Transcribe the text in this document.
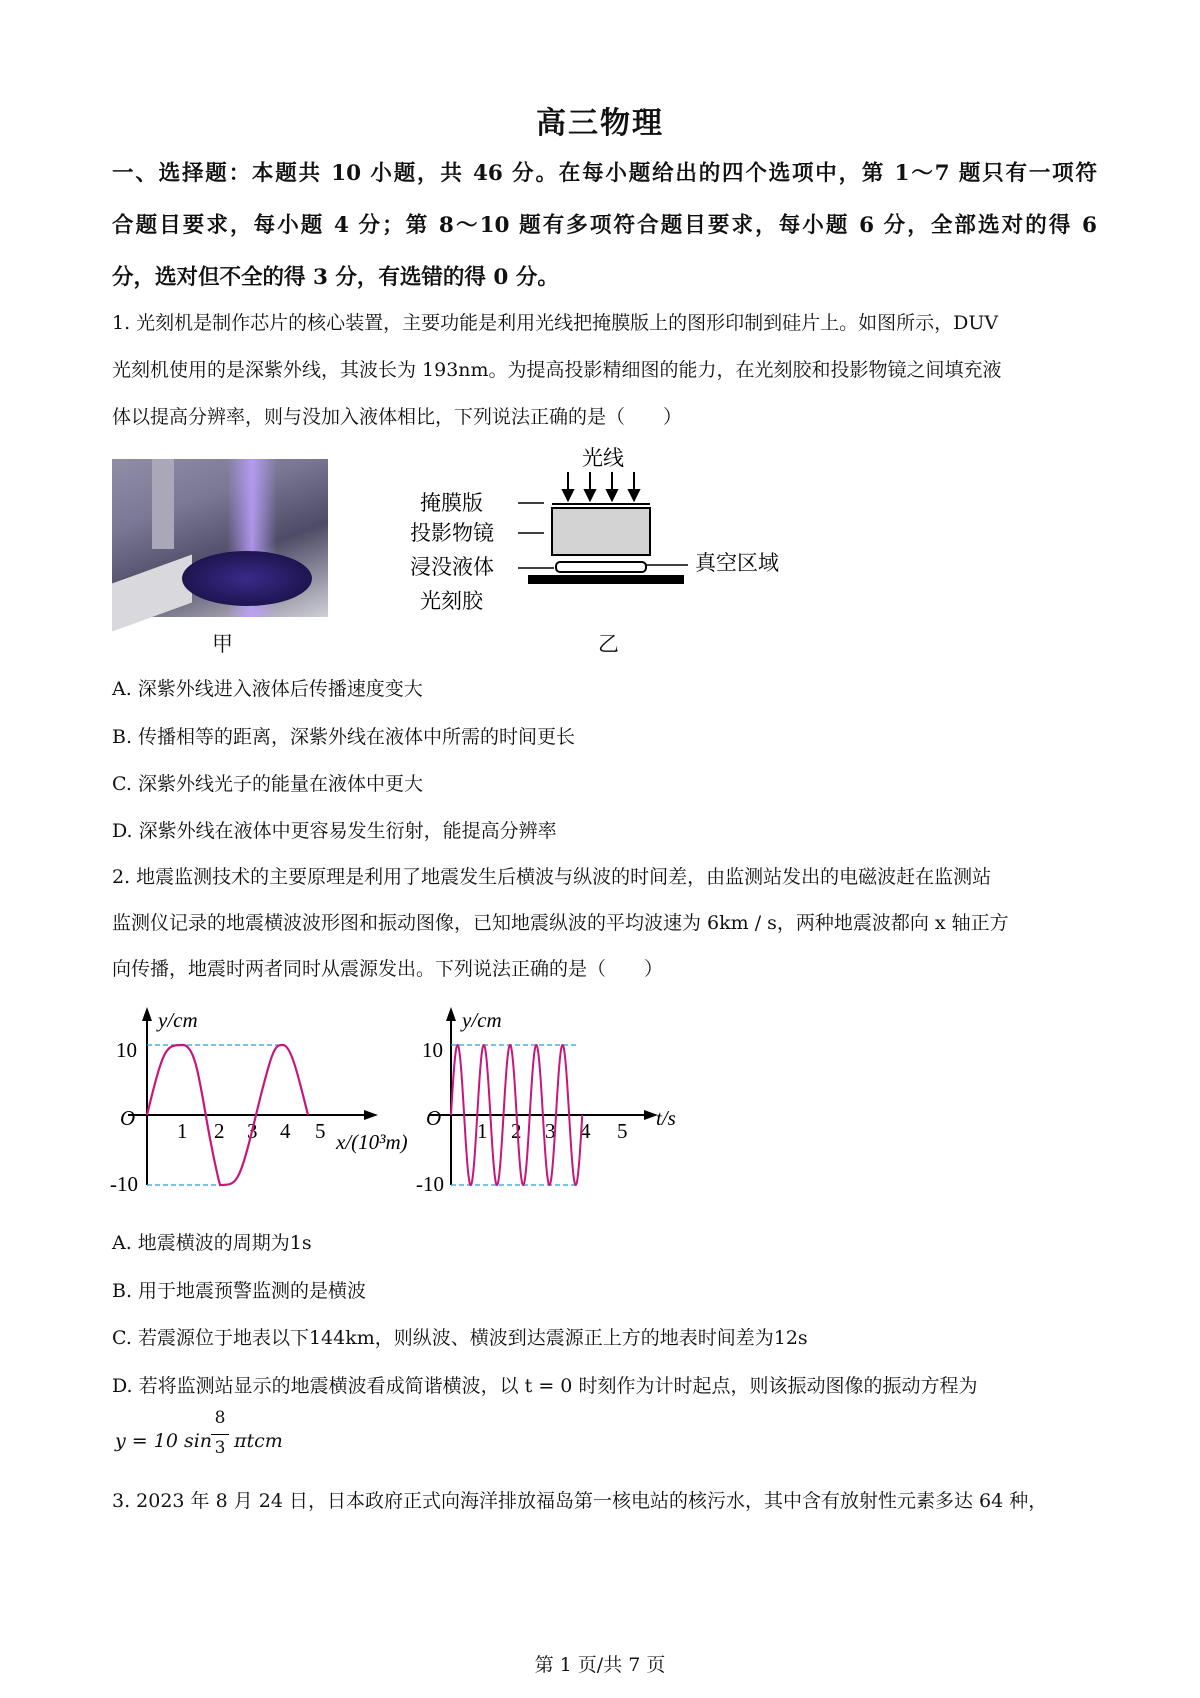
高三物理
一、选择题：本题共 10 小题，共 46 分。在每小题给出的四个选项中，第 1～7 题只有一项符
合题目要求，每小题 4 分；第 8～10 题有多项符合题目要求，每小题 6 分，全部选对的得 6
分，选对但不全的得 3 分，有选错的得 0 分。
1. 光刻机是制作芯片的核心装置，主要功能是利用光线把掩膜版上的图形印制到硅片上。如图所示，DUV
光刻机使用的是深紫外线，其波长为 193nm。为提高投影精细图的能力，在光刻胶和投影物镜之间填充液
体以提高分辨率，则与没加入液体相比，下列说法正确的是（　　）
甲
光线
掩膜版
投影物镜
浸没液体
光刻胶
真空区域
乙
A. 深紫外线进入液体后传播速度变大
B. 传播相等的距离，深紫外线在液体中所需的时间更长
C. 深紫外线光子的能量在液体中更大
D. 深紫外线在液体中更容易发生衍射，能提高分辨率
2. 地震监测技术的主要原理是利用了地震发生后横波与纵波的时间差，由监测站发出的电磁波赶在监测站
监测仪记录的地震横波波形图和振动图像，已知地震纵波的平均波速为 6km / s，两种地震波都向 x 轴正方
向传播，地震时两者同时从震源发出。下列说法正确的是（　　）
y/cm
O
10
-10
1 2 3 4 5 x/(10³m)
y/cm
O
10
-10
1 2 3 4 5
t/s
A. 地震横波的周期为1s
B. 用于地震预警监测的是横波
C. 若震源位于地表以下144km，则纵波、横波到达震源正上方的地表时间差为12s
D. 若将监测站显示的地震横波看成简谐横波，以 t = 0 时刻作为计时起点，则该振动图像的振动方程为
y = 10 sin
8
3 πtcm
3. 2023 年 8 月 24 日，日本政府正式向海洋排放福岛第一核电站的核污水，其中含有放射性元素多达 64 种，
第 1 页/共 7 页
